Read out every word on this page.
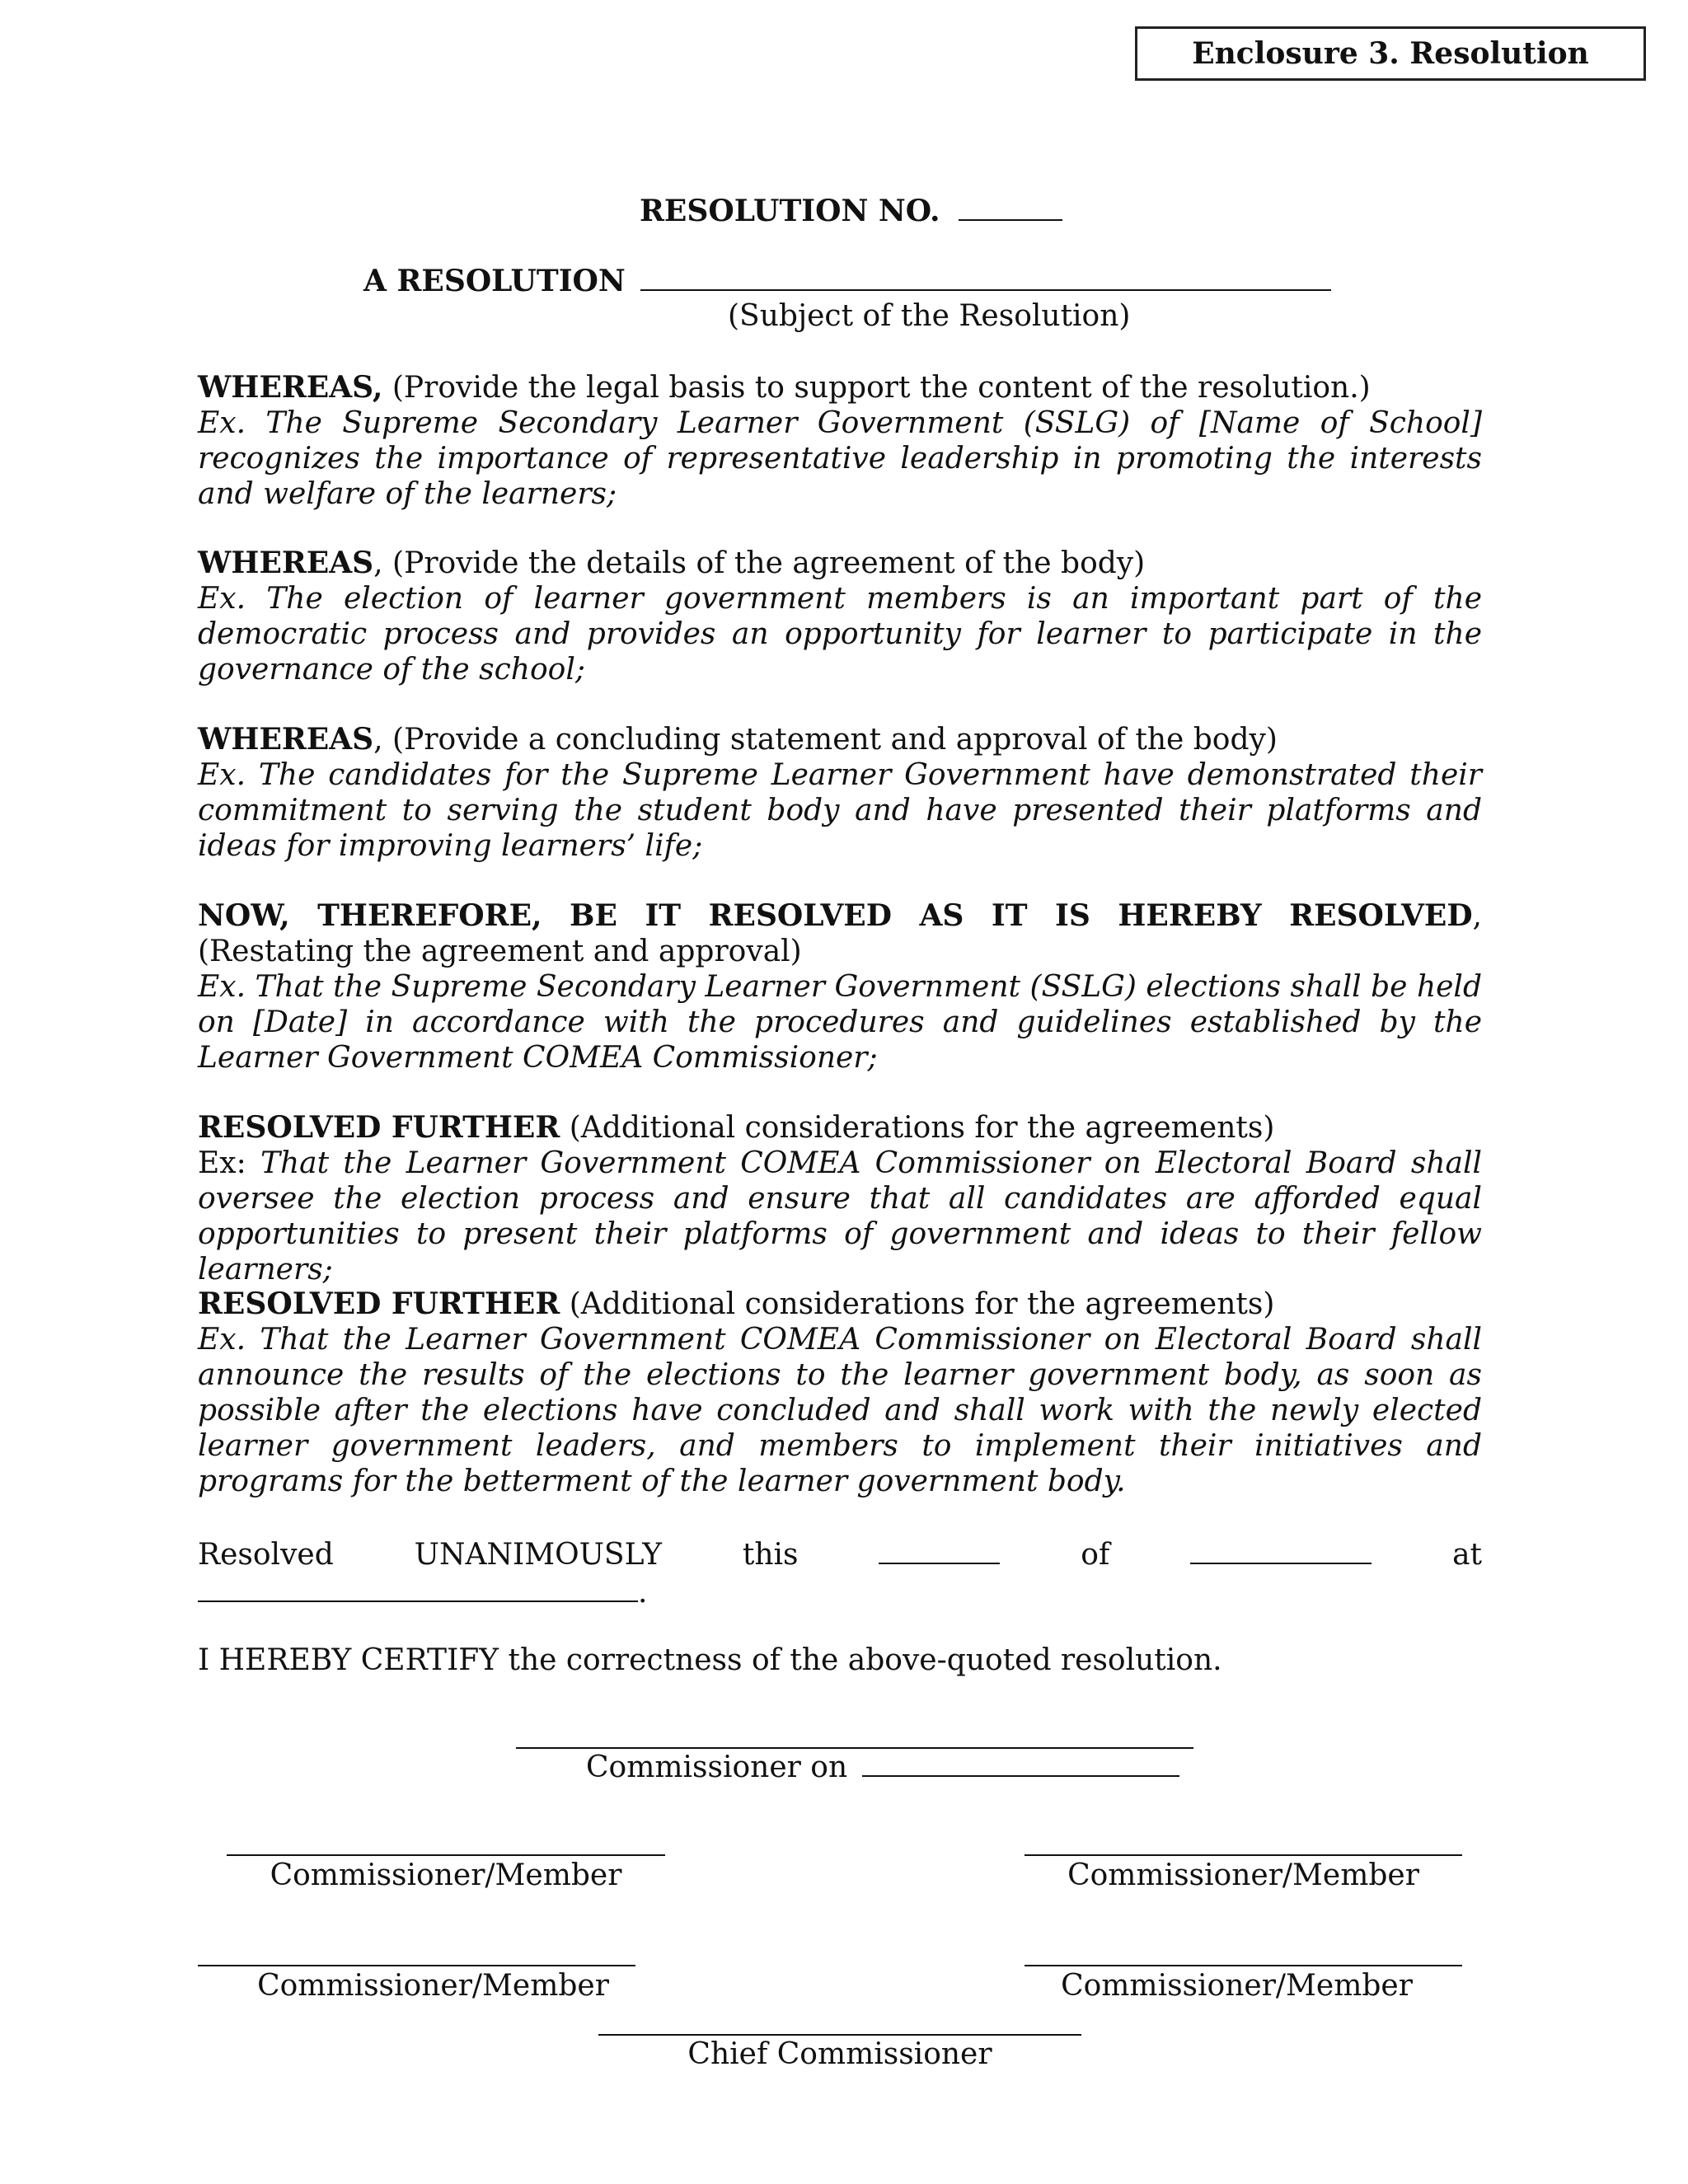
Enclosure 3. Resolution
RESOLUTION NO.
A RESOLUTION
(Subject of the Resolution)

WHEREAS, (Provide the legal basis to support the content of the resolution.)

Ex. The Supreme Secondary Learner Government (SSLG) of [Name of School] recognizes the importance of representative leadership in promoting the interests and welfare of the learners;

WHEREAS, (Provide the details of the agreement of the body)

Ex. The election of learner government members is an important part of the democratic process and provides an opportunity for learner to participate in the governance of the school;

WHEREAS, (Provide a concluding statement and approval of the body)

Ex. The candidates for the Supreme Learner Government have demonstrated their commitment to serving the student body and have presented their platforms and ideas for improving learners’ life;

NOW, THEREFORE, BE IT RESOLVED AS IT IS HEREBY RESOLVED, (Restating the agreement and approval)

Ex. That the Supreme Secondary Learner Government (SSLG) elections shall be held on [Date] in accordance with the procedures and guidelines established by the Learner Government COMEA Commissioner;

RESOLVED FURTHER (Additional considerations for the agreements)

Ex: That the Learner Government COMEA Commissioner on Electoral Board shall oversee the election process and ensure that all candidates are afforded equal opportunities to present their platforms of government and ideas to their fellow learners;

RESOLVED FURTHER (Additional considerations for the agreements)

Ex. That the Learner Government COMEA Commissioner on Electoral Board shall announce the results of the elections to the learner government body, as soon as possible after the elections have concluded and shall work with the newly elected learner government leaders, and members to implement their initiatives and programs for the betterment of the learner government body.

Resolved	UNANIMOUSLY	this	of	at
.
I HEREBY CERTIFY the correctness of the above-quoted resolution.
Commissioner on
Commissioner/Member	Commissioner/Member
Commissioner/Member	Commissioner/Member
Chief Commissioner
